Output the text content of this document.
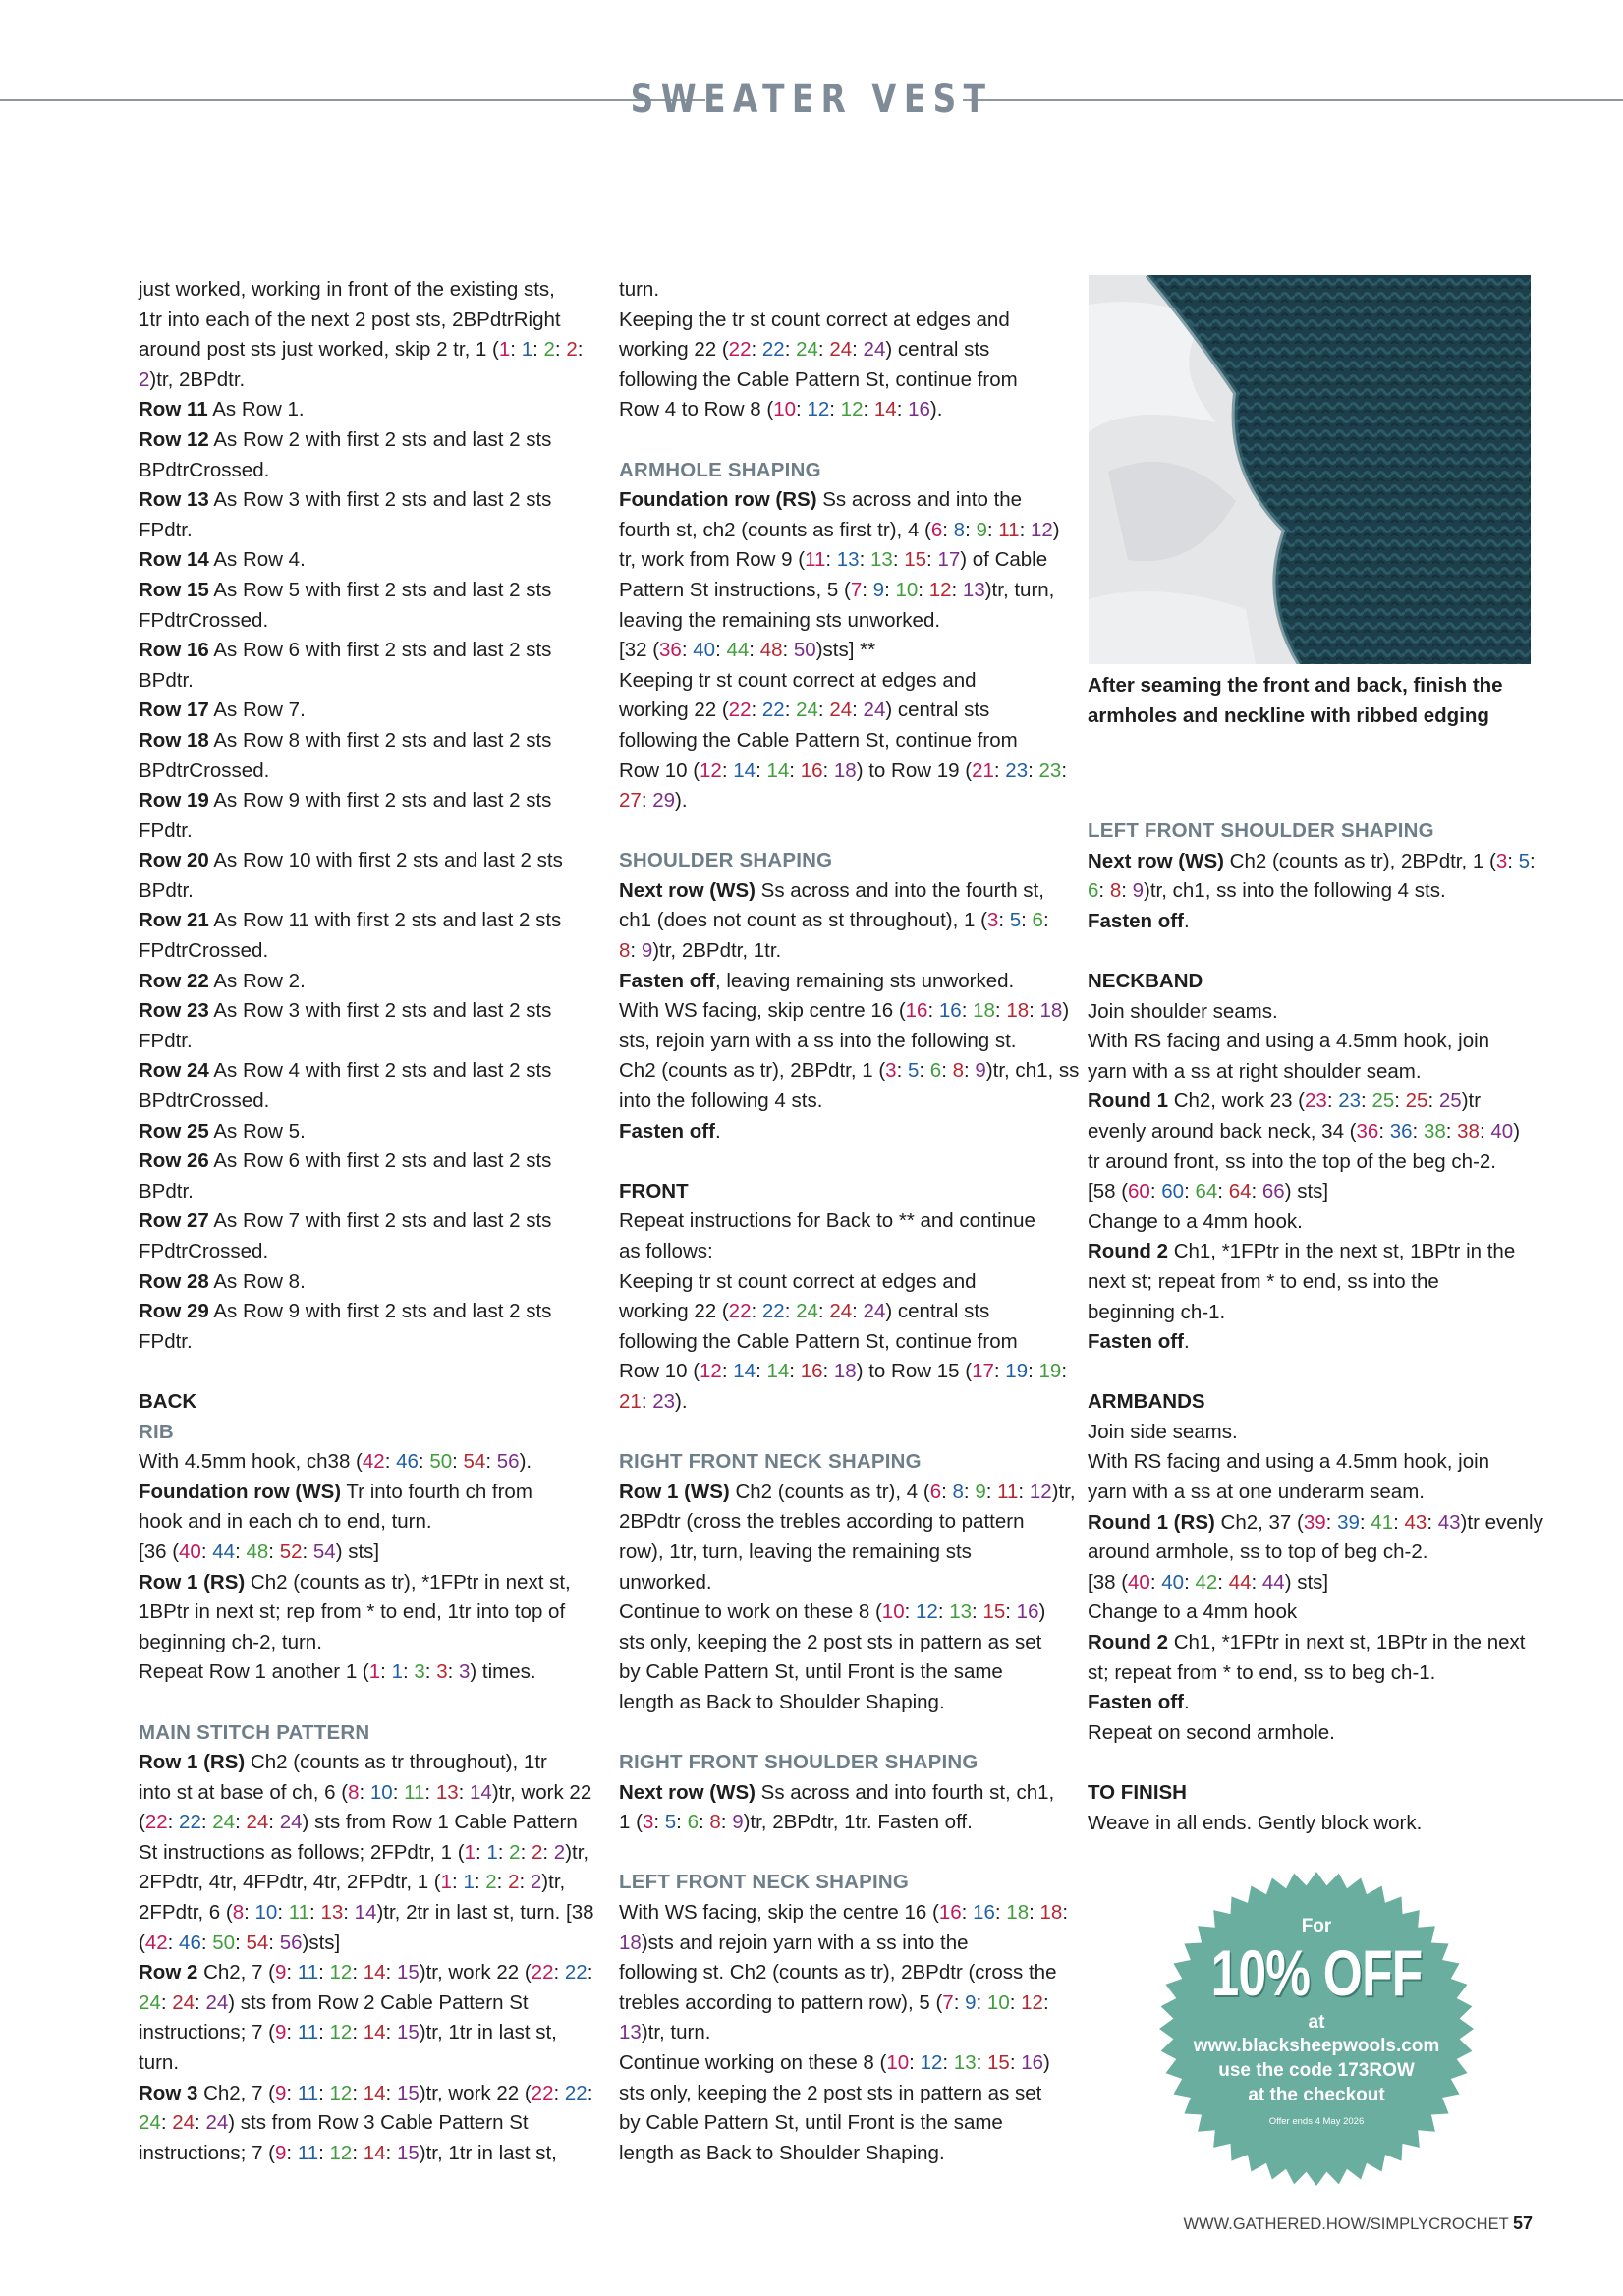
SWEATER VEST

just worked, working in front of the existing sts,

1tr into each of the next 2 post sts, 2BPdtrRight

around post sts just worked, skip 2 tr, 1 (1: 1: 2: 2:

2)tr, 2BPdtr.

Row 11 As Row 1.

Row 12 As Row 2 with first 2 sts and last 2 sts

BPdtrCrossed.

Row 13 As Row 3 with first 2 sts and last 2 sts

FPdtr.

Row 14 As Row 4.

Row 15 As Row 5 with first 2 sts and last 2 sts

FPdtrCrossed.

Row 16 As Row 6 with first 2 sts and last 2 sts

BPdtr.

Row 17 As Row 7.

Row 18 As Row 8 with first 2 sts and last 2 sts

BPdtrCrossed.

Row 19 As Row 9 with first 2 sts and last 2 sts

FPdtr.

Row 20 As Row 10 with first 2 sts and last 2 sts

BPdtr.

Row 21 As Row 11 with first 2 sts and last 2 sts

FPdtrCrossed.

Row 22 As Row 2.

Row 23 As Row 3 with first 2 sts and last 2 sts

FPdtr.

Row 24 As Row 4 with first 2 sts and last 2 sts

BPdtrCrossed.

Row 25 As Row 5.

Row 26 As Row 6 with first 2 sts and last 2 sts

BPdtr.

Row 27 As Row 7 with first 2 sts and last 2 sts

FPdtrCrossed.

Row 28 As Row 8.

Row 29 As Row 9 with first 2 sts and last 2 sts

FPdtr.

BACK

RIB

With 4.5mm hook, ch38 (42: 46: 50: 54: 56).

Foundation row (WS) Tr into fourth ch from

hook and in each ch to end, turn.

[36 (40: 44: 48: 52: 54) sts]

Row 1 (RS) Ch2 (counts as tr), *1FPtr in next st,

1BPtr in next st; rep from * to end, 1tr into top of

beginning ch-2, turn.

Repeat Row 1 another 1 (1: 1: 3: 3: 3) times.

MAIN STITCH PATTERN

Row 1 (RS) Ch2 (counts as tr throughout), 1tr

into st at base of ch, 6 (8: 10: 11: 13: 14)tr, work 22

(22: 22: 24: 24: 24) sts from Row 1 Cable Pattern

St instructions as follows; 2FPdtr, 1 (1: 1: 2: 2: 2)tr,

2FPdtr, 4tr, 4FPdtr, 4tr, 2FPdtr, 1 (1: 1: 2: 2: 2)tr,

2FPdtr, 6 (8: 10: 11: 13: 14)tr, 2tr in last st, turn. [38

(42: 46: 50: 54: 56)sts]

Row 2 Ch2, 7 (9: 11: 12: 14: 15)tr, work 22 (22: 22:

24: 24: 24) sts from Row 2 Cable Pattern St

instructions; 7 (9: 11: 12: 14: 15)tr, 1tr in last st,

turn.

Row 3 Ch2, 7 (9: 11: 12: 14: 15)tr, work 22 (22: 22:

24: 24: 24) sts from Row 3 Cable Pattern St

instructions; 7 (9: 11: 12: 14: 15)tr, 1tr in last st,

turn.

Keeping the tr st count correct at edges and

working 22 (22: 22: 24: 24: 24) central sts

following the Cable Pattern St, continue from

Row 4 to Row 8 (10: 12: 12: 14: 16).

ARMHOLE SHAPING

Foundation row (RS) Ss across and into the

fourth st, ch2 (counts as first tr), 4 (6: 8: 9: 11: 12)

tr, work from Row 9 (11: 13: 13: 15: 17) of Cable

Pattern St instructions, 5 (7: 9: 10: 12: 13)tr, turn,

leaving the remaining sts unworked.

[32 (36: 40: 44: 48: 50)sts] **

Keeping tr st count correct at edges and

working 22 (22: 22: 24: 24: 24) central sts

following the Cable Pattern St, continue from

Row 10 (12: 14: 14: 16: 18) to Row 19 (21: 23: 23:

27: 29).

SHOULDER SHAPING

Next row (WS) Ss across and into the fourth st,

ch1 (does not count as st throughout), 1 (3: 5: 6:

8: 9)tr, 2BPdtr, 1tr.

Fasten off, leaving remaining sts unworked.

With WS facing, skip centre 16 (16: 16: 18: 18: 18)

sts, rejoin yarn with a ss into the following st.

Ch2 (counts as tr), 2BPdtr, 1 (3: 5: 6: 8: 9)tr, ch1, ss

into the following 4 sts.

Fasten off.

FRONT

Repeat instructions for Back to ** and continue

as follows:

Keeping tr st count correct at edges and

working 22 (22: 22: 24: 24: 24) central sts

following the Cable Pattern St, continue from

Row 10 (12: 14: 14: 16: 18) to Row 15 (17: 19: 19:

21: 23).

RIGHT FRONT NECK SHAPING

Row 1 (WS) Ch2 (counts as tr), 4 (6: 8: 9: 11: 12)tr,

2BPdtr (cross the trebles according to pattern

row), 1tr, turn, leaving the remaining sts

unworked.

Continue to work on these 8 (10: 12: 13: 15: 16)

sts only, keeping the 2 post sts in pattern as set

by Cable Pattern St, until Front is the same

length as Back to Shoulder Shaping.

RIGHT FRONT SHOULDER SHAPING

Next row (WS) Ss across and into fourth st, ch1,

1 (3: 5: 6: 8: 9)tr, 2BPdtr, 1tr. Fasten off.

LEFT FRONT NECK SHAPING

With WS facing, skip the centre 16 (16: 16: 18: 18:

18)sts and rejoin yarn with a ss into the

following st. Ch2 (counts as tr), 2BPdtr (cross the

trebles according to pattern row), 5 (7: 9: 10: 12:

13)tr, turn.

Continue working on these 8 (10: 12: 13: 15: 16)

sts only, keeping the 2 post sts in pattern as set

by Cable Pattern St, until Front is the same

length as Back to Shoulder Shaping.

After seaming the front and back, finish the

armholes and neckline with ribbed edging

LEFT FRONT SHOULDER SHAPING

Next row (WS) Ch2 (counts as tr), 2BPdtr, 1 (3: 5:

6: 8: 9)tr, ch1, ss into the following 4 sts.

Fasten off.

NECKBAND

Join shoulder seams.

With RS facing and using a 4.5mm hook, join

yarn with a ss at right shoulder seam.

Round 1 Ch2, work 23 (23: 23: 25: 25: 25)tr

evenly around back neck, 34 (36: 36: 38: 38: 40)

tr around front, ss into the top of the beg ch-2.

[58 (60: 60: 64: 64: 66) sts]

Change to a 4mm hook.

Round 2 Ch1, *1FPtr in the next st, 1BPtr in the

next st; repeat from * to end, ss into the

beginning ch-1.

Fasten off.

ARMBANDS

Join side seams.

With RS facing and using a 4.5mm hook, join

yarn with a ss at one underarm seam.

Round 1 (RS) Ch2, 37 (39: 39: 41: 43: 43)tr evenly

around armhole, ss to top of beg ch-2.

[38 (40: 40: 42: 44: 44) sts]

Change to a 4mm hook

Round 2 Ch1, *1FPtr in next st, 1BPtr in the next

st; repeat from * to end, ss to beg ch-1.

Fasten off.

Repeat on second armhole.

TO FINISH

Weave in all ends. Gently block work.

For
10% OFF
at
www.blacksheepwools.com
use the code 173ROW
at the checkout
Offer ends 4 May 2026
WWW.GATHERED.HOW/SIMPLYCROCHET 57
